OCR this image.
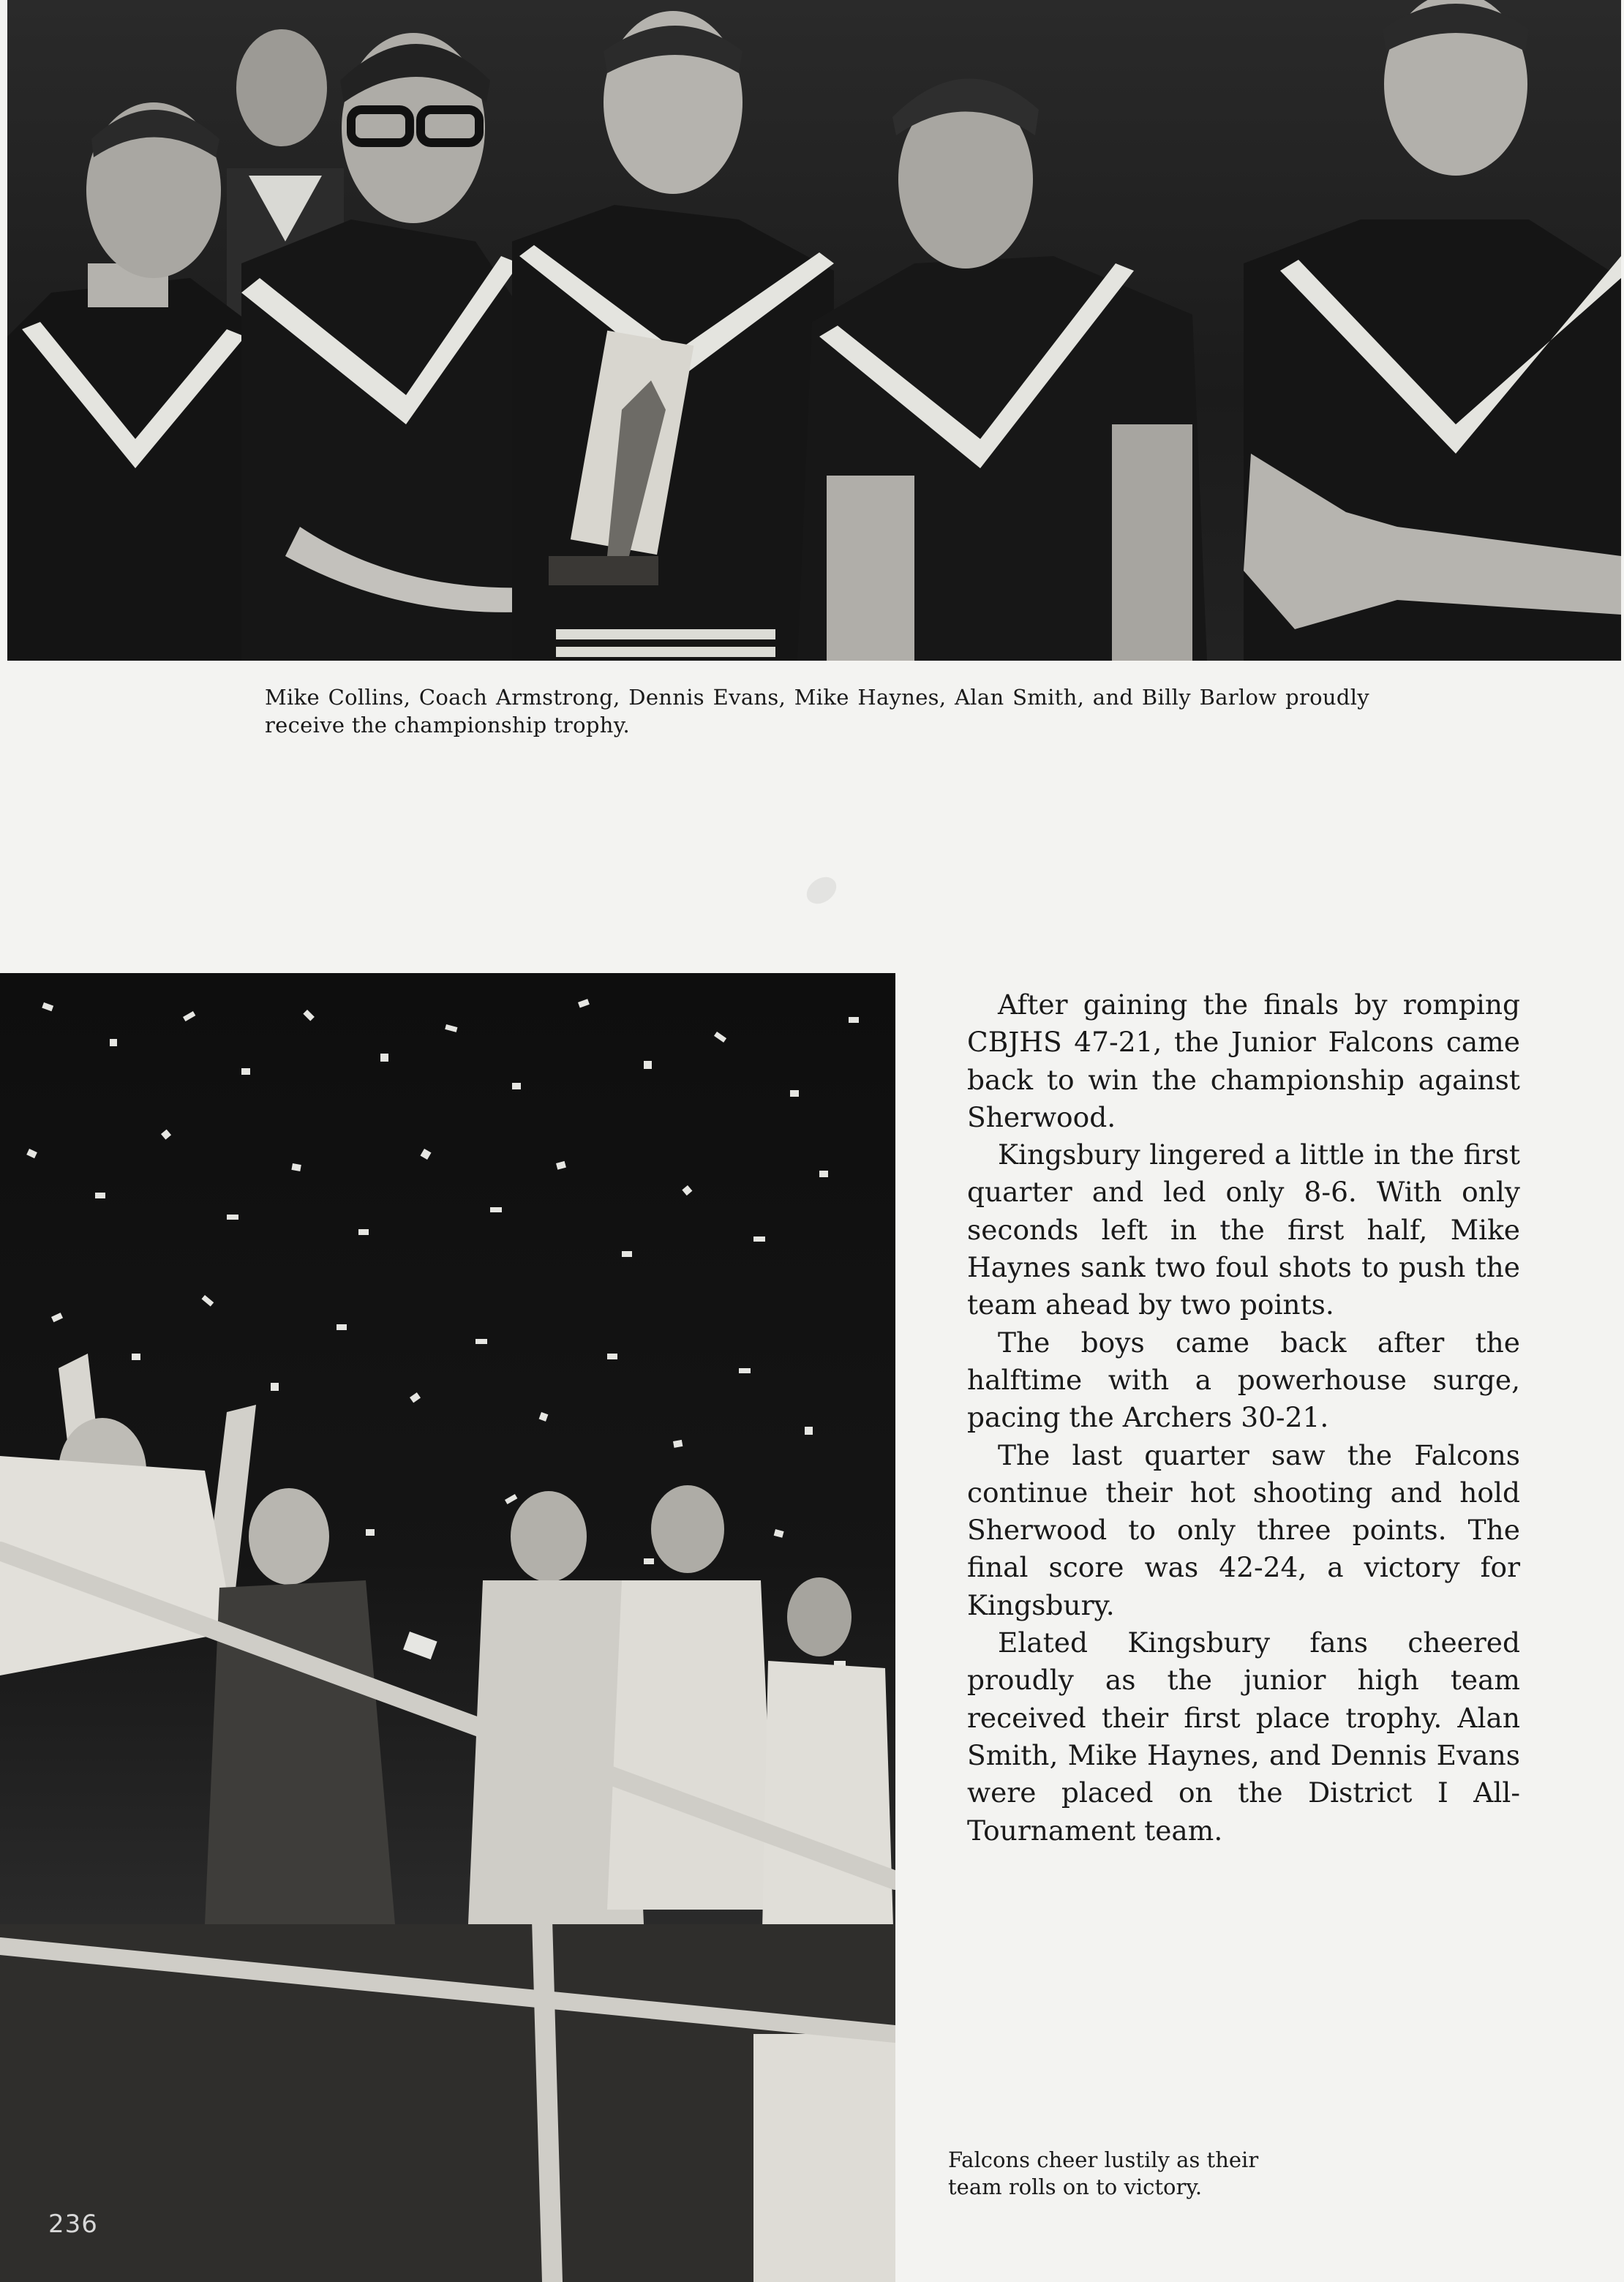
Mike Collins, Coach Armstrong, Dennis Evans, Mike Haynes, Alan Smith, and Billy Barlow proudly receive the championship trophy.
236

After gaining the finals by romping CBJHS 47-21, the Junior Falcons came back to win the championship against Sherwood.

Kingsbury lingered a little in the first quarter and led only 8-6. With only seconds left in the first half, Mike Haynes sank two foul shots to push the team ahead by two points.

The boys came back after the halftime with a powerhouse surge, pacing the Archers 30-21.

The last quarter saw the Falcons continue their hot shooting and hold Sherwood to only three points. The final score was 42-24, a victory for Kingsbury.

Elated Kingsbury fans cheered proudly as the junior high team received their first place trophy. Alan Smith, Mike Haynes, and Dennis Evans were placed on the District I All-Tournament team.

Falcons cheer lustily as their
team rolls on to victory.
